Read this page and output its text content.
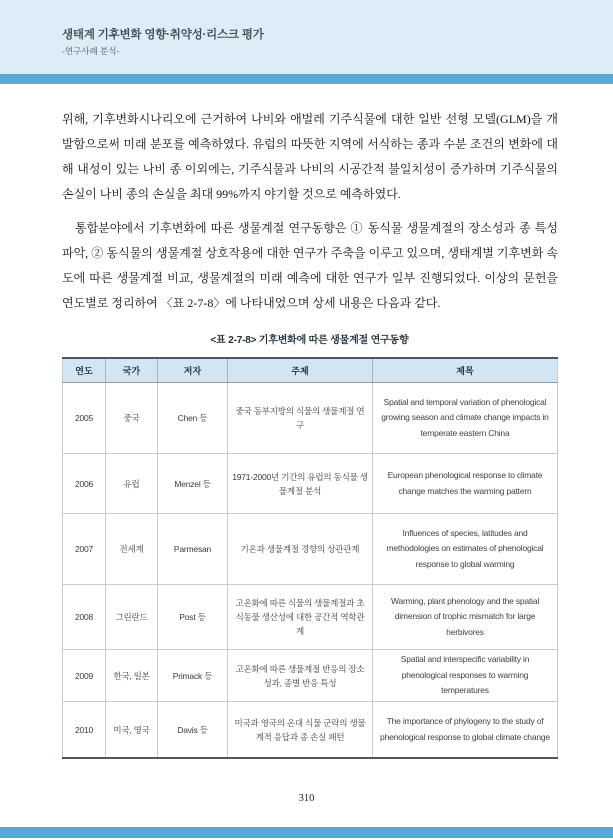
생태계 기후변화 영향·취약성·리스크 평가
-연구사례 분석-

위해, 기후변화시나리오에 근거하여 나비와 애벌레 기주식물에 대한 일반 선형 모델(GLM)을 개발함으로써 미래 분포를 예측하였다. 유럽의 따뜻한 지역에 서식하는 종과 수분 조건의 변화에 대해 내성이 있는 나비 종 이외에는, 기주식물과 나비의 시공간적 불일치성이 증가하며 기주식물의 손실이 나비 종의 손실을 최대 99%까지 야기할 것으로 예측하였다.

통합분야에서 기후변화에 따른 생물계절 연구동향은 ① 동식물 생물계절의 장소성과 종 특성 파악, ② 동식물의 생물계절 상호작용에 대한 연구가 주축을 이루고 있으며, 생태계별 기후변화 속도에 따른 생물계절 비교, 생물계절의 미래 예측에 대한 연구가 일부 진행되었다. 이상의 문헌을 연도별로 정리하여 〈표 2-7-8〉에 나타내었으며 상세 내용은 다음과 같다.

<표 2-7-8> 기후변화에 따른 생물계절 연구동향
연도	국가	저자	주제	제목
2005	중국	Chen 등	중국 동부지방의 식물의 생물계절 연구	Spatial and temporal variation of phenological growing season and climate change impacts in temperate eastern China
2006	유럽	Menzel 등	1971-2000년 기간의 유럽의 동식물 생물계절 분석	European phenological response to climate change matches the warming pattern
2007	전세계	Parmesan	기온과 생물계절 경향의 상관관계	Influences of species, latitudes and methodologies on estimates of phenological response to global warming
2008	그린란드	Post 등	고온화에 따른 식물의 생물계절과 초식동물 생산성에 대한 공간적 역학관계	Warming, plant phenology and the spatial dimension of trophic mismatch for large herbivores
2009	한국, 일본	Primack 등	고온화에 따른 생물계절 반응의 장소성과, 종별 반응 특성	Spatial and interspecific variability in phenological responses to warming temperatures
2010	미국, 영국	Davis 등	미국과 영국의 온대 식물 군락의 생물계적 응답과 종 손실 패턴	The importance of phylogeny to the study of phenological response to global climate change
310
